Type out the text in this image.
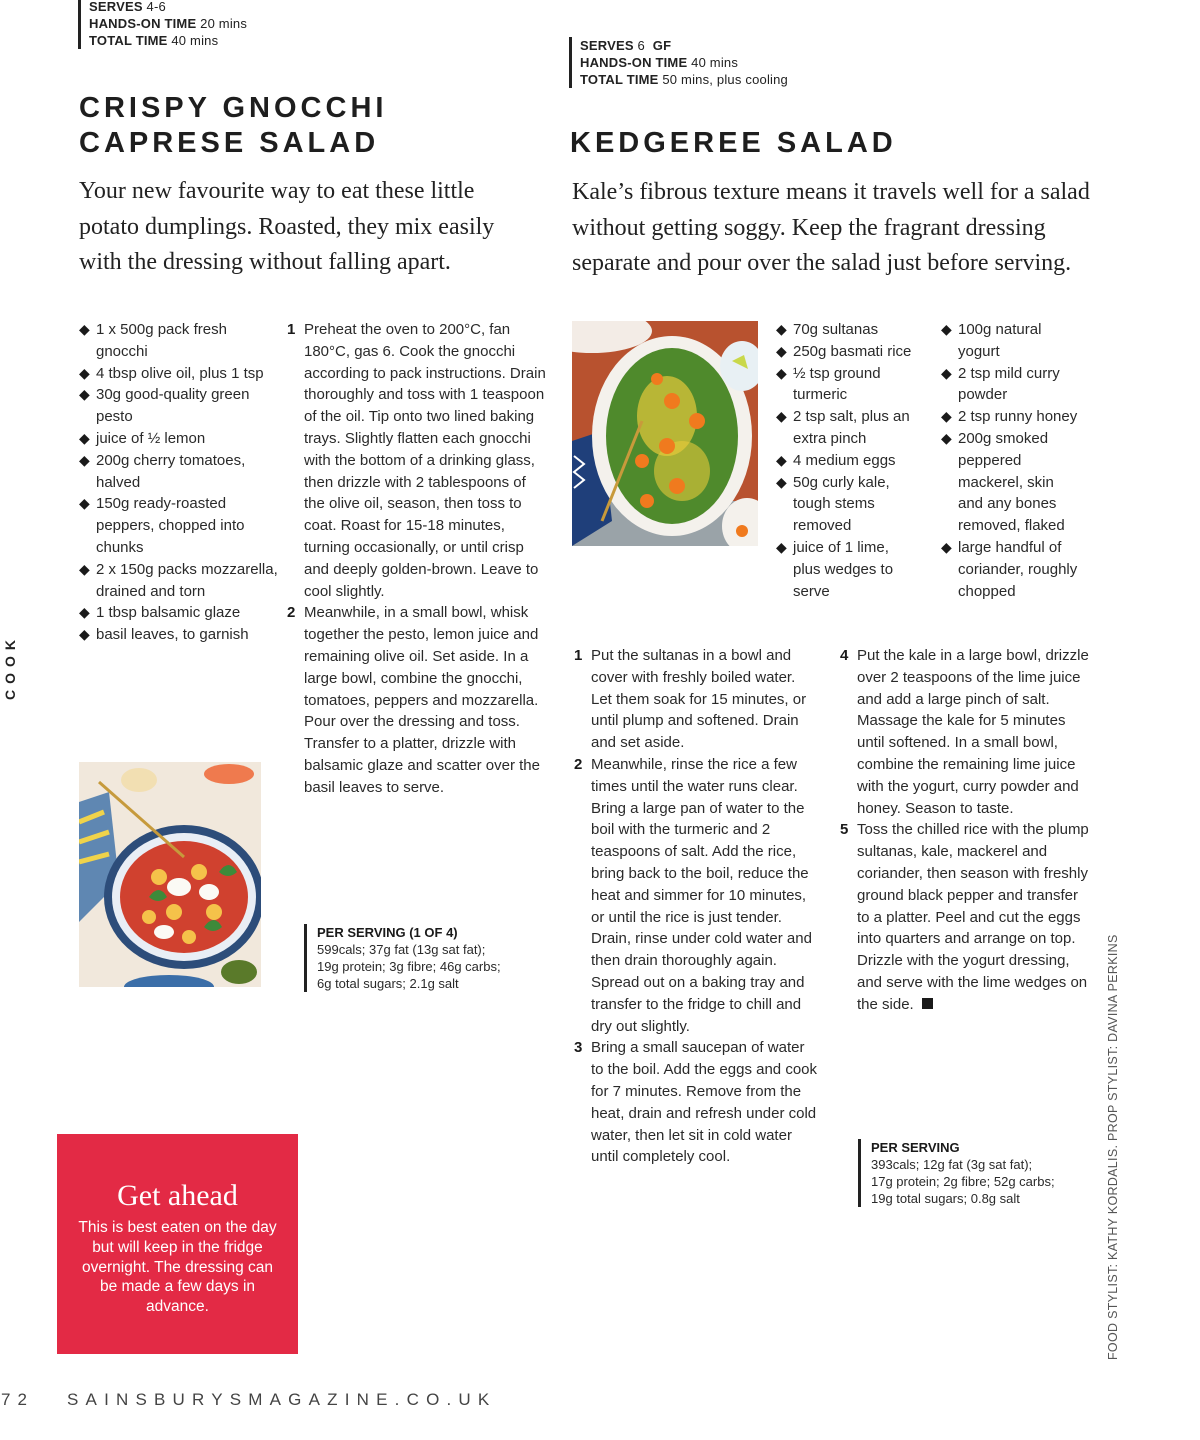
COOK
SERVES 4-6
HANDS-ON TIME 20 mins
TOTAL TIME 40 mins
CRISPY GNOCCHI
CAPRESE SALAD

Your new favourite way to eat these little potato dumplings. Roasted, they mix easily with the dressing without falling apart.

◆ 1 x 500g pack fresh gnocchi
◆ 4 tbsp olive oil, plus 1 tsp
◆ 30g good-quality green pesto
◆ juice of ½ lemon
◆ 200g cherry tomatoes, halved
◆ 150g ready-roasted peppers, chopped into chunks
◆ 2 x 150g packs mozzarella, drained and torn
◆ 1 tbsp balsamic glaze
◆ basil leaves, to garnish
1 Preheat the oven to 200°C, fan 180°C, gas 6. Cook the gnocchi according to pack instructions. Drain thoroughly and toss with 1 teaspoon of the oil. Tip onto two lined baking trays. Slightly flatten each gnocchi with the bottom of a drinking glass, then drizzle with 2 tablespoons of the olive oil, season, then toss to coat. Roast for 15-18 minutes, turning occasionally, or until crisp and deeply golden-brown. Leave to cool slightly.
2 Meanwhile, in a small bowl, whisk together the pesto, lemon juice and remaining olive oil. Set aside. In a large bowl, combine the gnocchi, tomatoes, peppers and mozzarella. Pour over the dressing and toss. Transfer to a platter, drizzle with balsamic glaze and scatter over the basil leaves to serve.
PER SERVING (1 OF 4)
599cals; 37g fat (13g sat fat);
19g protein; 3g fibre; 46g carbs;
6g total sugars; 2.1g salt
Get ahead
This is best eaten on the day but will keep in the fridge overnight. The dressing can be made a few days in advance.
SERVES 6 GF
HANDS-ON TIME 40 mins
TOTAL TIME 50 mins, plus cooling
KEDGEREE SALAD

Kale’s fibrous texture means it travels well for a salad without getting soggy. Keep the fragrant dressing separate and pour over the salad just before serving.

◆ 70g sultanas
◆ 250g basmati rice
◆ ½ tsp ground turmeric
◆ 2 tsp salt, plus an extra pinch
◆ 4 medium eggs
◆ 50g curly kale, tough stems removed
◆ juice of 1 lime, plus wedges to serve
◆ 100g natural yogurt
◆ 2 tsp mild curry powder
◆ 2 tsp runny honey
◆ 200g smoked peppered mackerel, skin and any bones removed, flaked
◆ large handful of coriander, roughly chopped
1 Put the sultanas in a bowl and cover with freshly boiled water. Let them soak for 15 minutes, or until plump and softened. Drain and set aside.
2 Meanwhile, rinse the rice a few times until the water runs clear. Bring a large pan of water to the boil with the turmeric and 2 teaspoons of salt. Add the rice, bring back to the boil, reduce the heat and simmer for 10 minutes, or until the rice is just tender. Drain, rinse under cold water and then drain thoroughly again. Spread out on a baking tray and transfer to the fridge to chill and dry out slightly.
3 Bring a small saucepan of water to the boil. Add the eggs and cook for 7 minutes. Remove from the heat, drain and refresh under cold water, then let sit in cold water until completely cool.
4 Put the kale in a large bowl, drizzle over 2 teaspoons of the lime juice and add a large pinch of salt. Massage the kale for 5 minutes until softened. In a small bowl, combine the remaining lime juice with the yogurt, curry powder and honey. Season to taste.
5 Toss the chilled rice with the plump sultanas, kale, mackerel and coriander, then season with freshly ground black pepper and transfer to a platter. Peel and cut the eggs into quarters and arrange on top. Drizzle with the yogurt dressing, and serve with the lime wedges on the side.
PER SERVING
393cals; 12g fat (3g sat fat);
17g protein; 2g fibre; 52g carbs;
19g total sugars; 0.8g salt	FOOD STYLIST: KATHY KORDALIS. PROP STYLIST: DAVINA PERKINS
72 SAINSBURYSMAGAZINE.CO.UK
